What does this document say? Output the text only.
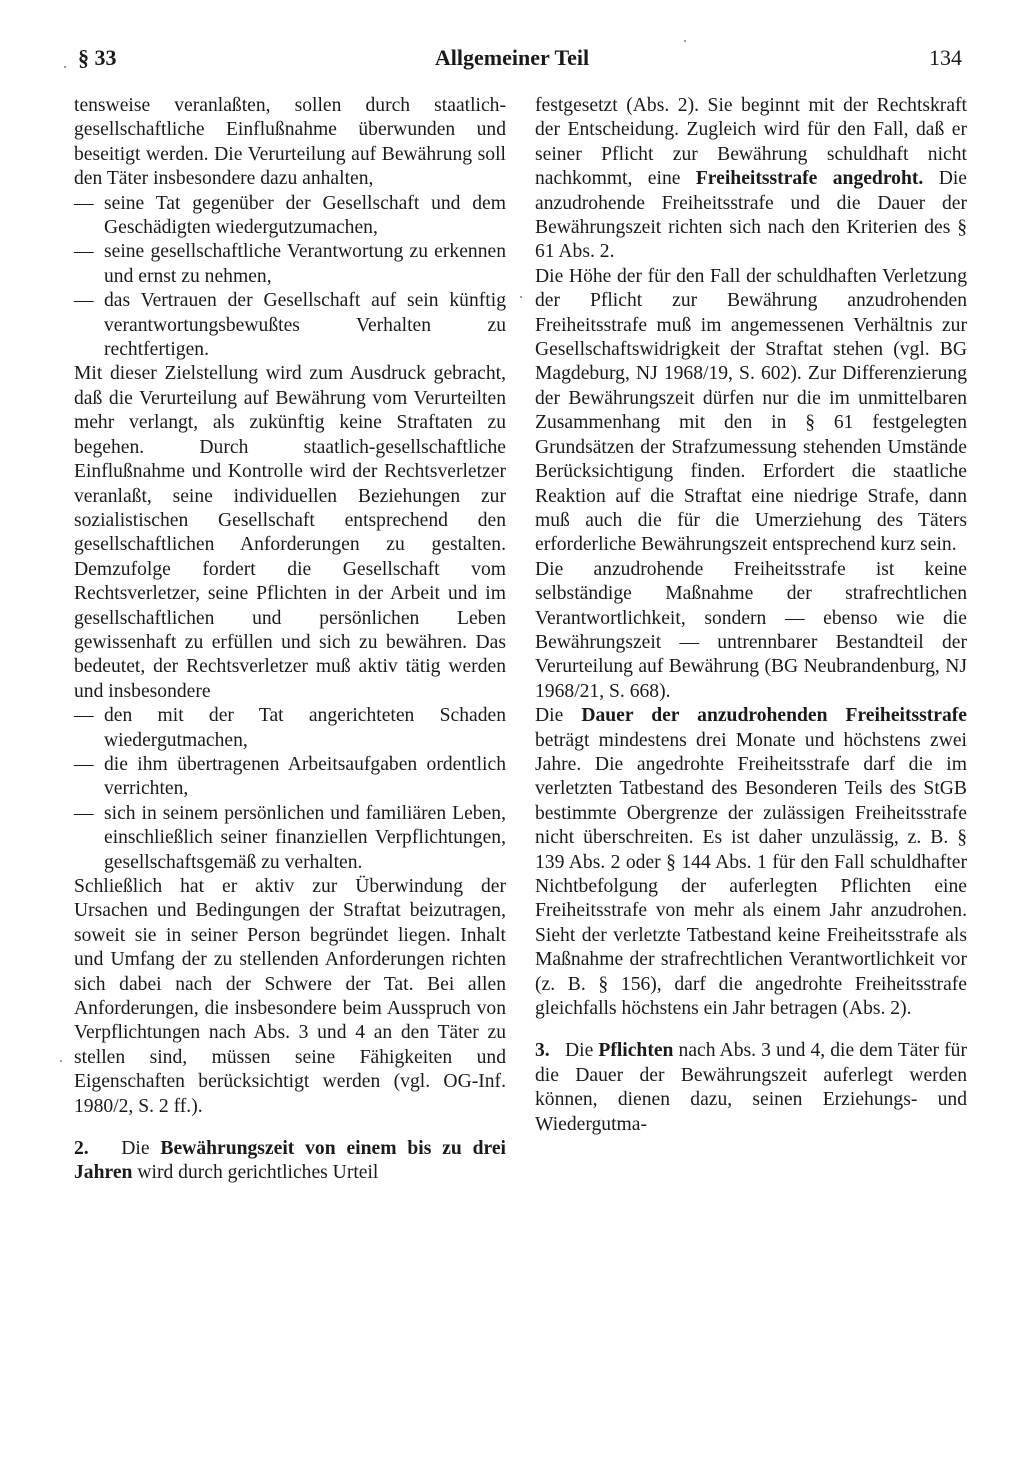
§ 33	Allgemeiner Teil	134

tensweise veranlaßten, sollen durch staatlich-gesellschaftliche Einflußnahme überwunden und beseitigt werden. Die Verurteilung auf Bewährung soll den Täter insbesondere dazu anhalten,

— seine Tat gegenüber der Gesellschaft und dem Geschädigten wiedergutzumachen,
— seine gesellschaftliche Verantwortung zu erkennen und ernst zu nehmen,
— das Vertrauen der Gesellschaft auf sein künftig verantwortungsbewußtes Verhalten zu rechtfertigen.

Mit dieser Zielstellung wird zum Ausdruck gebracht, daß die Verurteilung auf Bewährung vom Verurteilten mehr verlangt, als zukünftig keine Straftaten zu begehen. Durch staatlich-gesellschaftliche Einflußnahme und Kontrolle wird der Rechtsverletzer veranlaßt, seine individuellen Beziehungen zur sozialistischen Gesellschaft entsprechend den gesellschaftlichen Anforderungen zu gestalten. Demzufolge fordert die Gesellschaft vom Rechtsverletzer, seine Pflichten in der Arbeit und im gesellschaftlichen und persönlichen Leben gewissenhaft zu erfüllen und sich zu bewähren. Das bedeutet, der Rechtsverletzer muß aktiv tätig werden und insbesondere

— den mit der Tat angerichteten Schaden wiedergutmachen,
— die ihm übertragenen Arbeitsaufgaben ordentlich verrichten,
— sich in seinem persönlichen und familiären Leben, einschließlich seiner finanziellen Verpflichtungen, gesellschaftsgemäß zu verhalten.

Schließlich hat er aktiv zur Überwindung der Ursachen und Bedingungen der Straftat beizutragen, soweit sie in seiner Person begründet liegen. Inhalt und Umfang der zu stellenden Anforderungen richten sich dabei nach der Schwere der Tat. Bei allen Anforderungen, die insbesondere beim Ausspruch von Verpflichtungen nach Abs. 3 und 4 an den Täter zu stellen sind, müssen seine Fähigkeiten und Eigenschaften berücksichtigt werden (vgl. OG-Inf. 1980/2, S. 2 ff.).

2. Die Bewährungszeit von einem bis zu drei Jahren wird durch gerichtliches Urteil

festgesetzt (Abs. 2). Sie beginnt mit der Rechtskraft der Entscheidung. Zugleich wird für den Fall, daß er seiner Pflicht zur Bewährung schuldhaft nicht nachkommt, eine Freiheitsstrafe angedroht. Die anzudrohende Freiheitsstrafe und die Dauer der Bewährungszeit richten sich nach den Kriterien des § 61 Abs. 2.

Die Höhe der für den Fall der schuldhaften Verletzung der Pflicht zur Bewährung anzudrohenden Freiheitsstrafe muß im angemessenen Verhältnis zur Gesellschaftswidrigkeit der Straftat stehen (vgl. BG Magdeburg, NJ 1968/19, S. 602). Zur Differenzierung der Bewährungszeit dürfen nur die im unmittelbaren Zusammenhang mit den in § 61 festgelegten Grundsätzen der Strafzumessung stehenden Umstände Berücksichtigung finden. Erfordert die staatliche Reaktion auf die Straftat eine niedrige Strafe, dann muß auch die für die Umerziehung des Täters erforderliche Bewährungszeit entsprechend kurz sein.

Die anzudrohende Freiheitsstrafe ist keine selbständige Maßnahme der strafrechtlichen Verantwortlichkeit, sondern — ebenso wie die Bewährungszeit — untrennbarer Bestandteil der Verurteilung auf Bewährung (BG Neubrandenburg, NJ 1968/21, S. 668).

Die Dauer der anzudrohenden Freiheitsstrafe beträgt mindestens drei Monate und höchstens zwei Jahre. Die angedrohte Freiheitsstrafe darf die im verletzten Tatbestand des Besonderen Teils des StGB bestimmte Obergrenze der zulässigen Freiheitsstrafe nicht überschreiten. Es ist daher unzulässig, z. B. § 139 Abs. 2 oder § 144 Abs. 1 für den Fall schuldhafter Nichtbefolgung der auferlegten Pflichten eine Freiheitsstrafe von mehr als einem Jahr anzudrohen. Sieht der verletzte Tatbestand keine Freiheitsstrafe als Maßnahme der strafrechtlichen Verantwortlichkeit vor (z. B. § 156), darf die angedrohte Freiheitsstrafe gleichfalls höchstens ein Jahr betragen (Abs. 2).

3. Die Pflichten nach Abs. 3 und 4, die dem Täter für die Dauer der Bewährungszeit auferlegt werden können, dienen dazu, seinen Erziehungs- und Wiedergutma-
